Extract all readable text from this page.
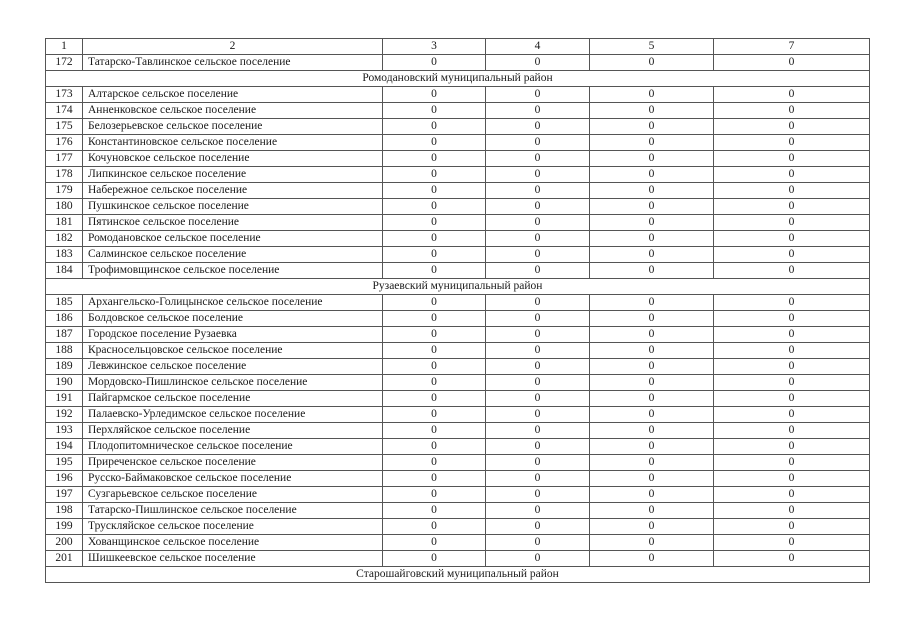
1	2	3	4	5	7
172	Татарско-Тавлинское сельское поселение	0	0	0	0
Ромодановский муниципальный район					
173	Алтарское сельское поселение	0	0	0	0
174	Анненковское сельское поселение	0	0	0	0
175	Белозерьевское сельское поселение	0	0	0	0
176	Константиновское сельское поселение	0	0	0	0
177	Кочуновское сельское поселение	0	0	0	0
178	Липкинское сельское поселение	0	0	0	0
179	Набережное сельское поселение	0	0	0	0
180	Пушкинское сельское поселение	0	0	0	0
181	Пятинское сельское поселение	0	0	0	0
182	Ромодановское сельское поселение	0	0	0	0
183	Салминское сельское поселение	0	0	0	0
184	Трофимовщинское сельское поселение	0	0	0	0
Рузаевский муниципальный район					
185	Архангельско-Голицынское сельское поселение	0	0	0	0
186	Болдовское сельское поселение	0	0	0	0
187	Городское поселение Рузаевка	0	0	0	0
188	Красносельцовское сельское поселение	0	0	0	0
189	Левжинское сельское поселение	0	0	0	0
190	Мордовско-Пишлинское сельское поселение	0	0	0	0
191	Пайгармское сельское поселение	0	0	0	0
192	Палаевско-Урледимское сельское поселение	0	0	0	0
193	Перхляйское сельское поселение	0	0	0	0
194	Плодопитомническое сельское поселение	0	0	0	0
195	Приреченское сельское поселение	0	0	0	0
196	Русско-Баймаковское сельское поселение	0	0	0	0
197	Сузгарьевское сельское поселение	0	0	0	0
198	Татарско-Пишлинское сельское поселение	0	0	0	0
199	Трускляйское сельское поселение	0	0	0	0
200	Хованщинское сельское поселение	0	0	0	0
201	Шишкеевское сельское поселение	0	0	0	0
Старошайговский муниципальный район					
